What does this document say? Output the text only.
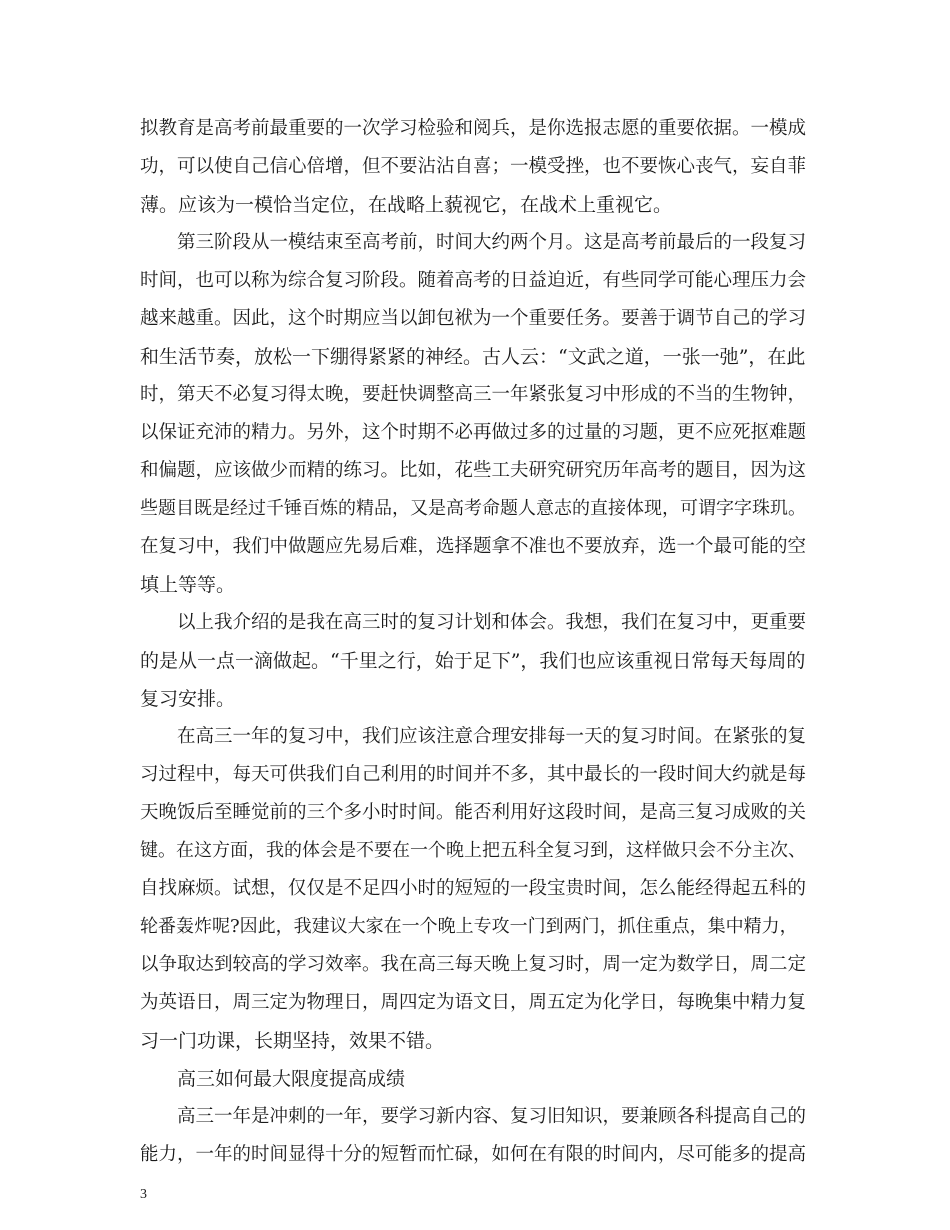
拟教育是高考前最重要的一次学习检验和阅兵，是你选报志愿的重要依据。一模成
功，可以使自己信心倍增，但不要沾沾自喜；一模受挫，也不要恢心丧气，妄自菲
薄。应该为一模恰当定位，在战略上藐视它，在战术上重视它。
第三阶段从一模结束至高考前，时间大约两个月。这是高考前最后的一段复习
时间，也可以称为综合复习阶段。随着高考的日益迫近，有些同学可能心理压力会
越来越重。因此，这个时期应当以卸包袱为一个重要任务。要善于调节自己的学习
和生活节奏，放松一下绷得紧紧的神经。古人云：“文武之道，一张一弛”，在此
时，第天不必复习得太晚，要赶快调整高三一年紧张复习中形成的不当的生物钟，
以保证充沛的精力。另外，这个时期不必再做过多的过量的习题，更不应死抠难题
和偏题，应该做少而精的练习。比如，花些工夫研究研究历年高考的题目，因为这
些题目既是经过千锤百炼的精品，又是高考命题人意志的直接体现，可谓字字珠玑。
在复习中，我们中做题应先易后难，选择题拿不准也不要放弃，选一个最可能的空
填上等等。
以上我介绍的是我在高三时的复习计划和体会。我想，我们在复习中，更重要
的是从一点一滴做起。“千里之行，始于足下”，我们也应该重视日常每天每周的
复习安排。
在高三一年的复习中，我们应该注意合理安排每一天的复习时间。在紧张的复
习过程中，每天可供我们自己利用的时间并不多，其中最长的一段时间大约就是每
天晚饭后至睡觉前的三个多小时时间。能否利用好这段时间，是高三复习成败的关
键。在这方面，我的体会是不要在一个晚上把五科全复习到，这样做只会不分主次、
自找麻烦。试想，仅仅是不足四小时的短短的一段宝贵时间，怎么能经得起五科的
轮番轰炸呢?因此，我建议大家在一个晚上专攻一门到两门，抓住重点，集中精力，
以争取达到较高的学习效率。我在高三每天晚上复习时，周一定为数学日，周二定
为英语日，周三定为物理日，周四定为语文日，周五定为化学日，每晚集中精力复
习一门功课，长期坚持，效果不错。
高三如何最大限度提高成绩
高三一年是冲刺的一年，要学习新内容、复习旧知识，要兼顾各科提高自己的
能力，一年的时间显得十分的短暂而忙碌，如何在有限的时间内，尽可能多的提高
3
